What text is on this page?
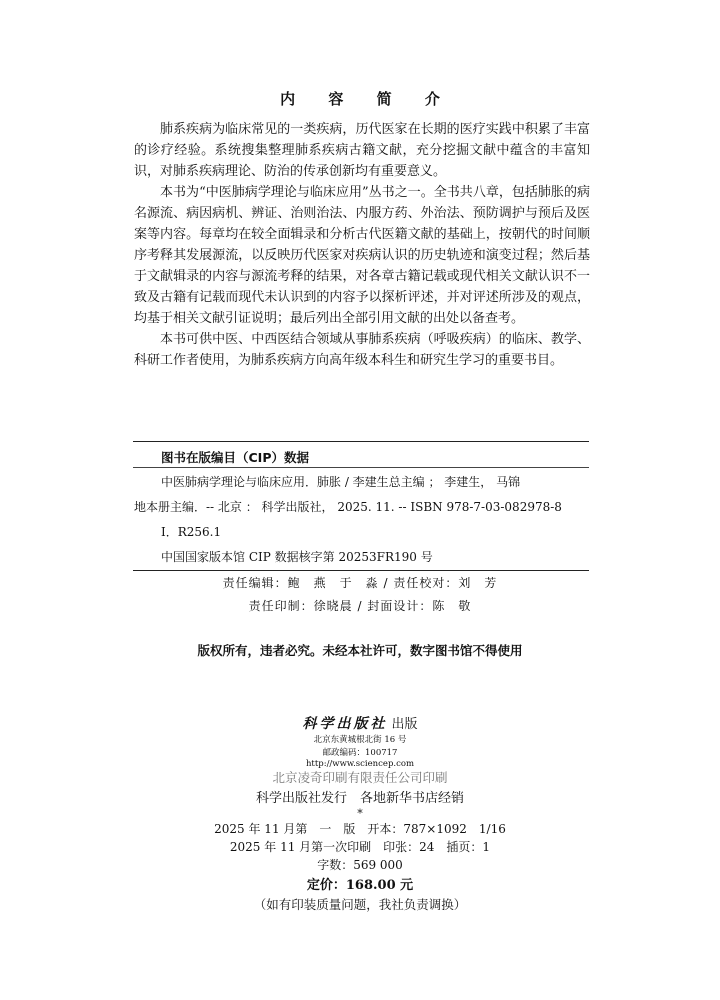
内 容 简 介

肺系疾病为临床常见的一类疾病，历代医家在长期的医疗实践中积累了丰富的诊疗经验。系统搜集整理肺系疾病古籍文献，充分挖掘文献中蕴含的丰富知识，对肺系疾病理论、防治的传承创新均有重要意义。

本书为“中医肺病学理论与临床应用”丛书之一。全书共八章，包括肺胀的病名源流、病因病机、辨证、治则治法、内服方药、外治法、预防调护与预后及医案等内容。每章均在较全面辑录和分析古代医籍文献的基础上，按朝代的时间顺序考释其发展源流，以反映历代医家对疾病认识的历史轨迹和演变过程；然后基于文献辑录的内容与源流考释的结果，对各章古籍记载或现代相关文献认识不一致及古籍有记载而现代未认识到的内容予以探析评述，并对评述所涉及的观点，均基于相关文献引证说明；最后列出全部引用文献的出处以备查考。

本书可供中医、中西医结合领域从事肺系疾病（呼吸疾病）的临床、教学、科研工作者使用，为肺系疾病方向高年级本科生和研究生学习的重要书目。

图书在版编目（CIP）数据
中医肺病学理论与临床应用．肺胀 / 李建生总主编 ； 李建生， 马锦
地本册主编．-- 北京 ： 科学出版社， 2025. 11. -- ISBN 978-7-03-082978-8
Ⅰ．R256.1
中国国家版本馆 CIP 数据核字第 20253FR190 号
责任编辑：鲍　燕　于　淼 / 责任校对：刘　芳
责任印制：徐晓晨 / 封面设计：陈　敬
版权所有，违者必究。未经本社许可，数字图书馆不得使用
科学出版社 出版
北京东黄城根北街 16 号
邮政编码：100717
http://www.sciencep.com
北京凌奇印刷有限责任公司印刷
科学出版社发行　各地新华书店经销
*
2025 年 11 月第　一　版　开本：787×1092　1/16
2025 年 11 月第一次印刷　印张：24　插页：1
字数：569 000
定价：168.00 元
（如有印装质量问题，我社负责调换）
